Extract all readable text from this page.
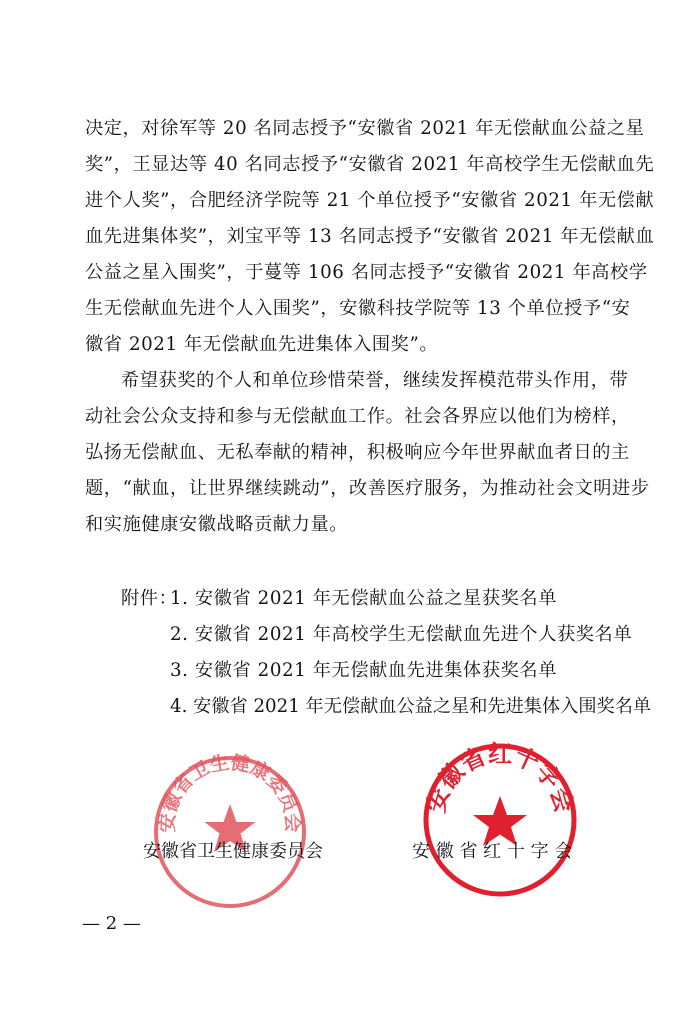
决定，对徐军等 20 名同志授予“安徽省 2021 年无偿献血公益之星
奖”，王显达等 40 名同志授予“安徽省 2021 年高校学生无偿献血先
进个人奖”，合肥经济学院等 21 个单位授予“安徽省 2021 年无偿献
血先进集体奖”，刘宝平等 13 名同志授予“安徽省 2021 年无偿献血
公益之星入围奖”，于蔓等 106 名同志授予“安徽省 2021 年高校学
生无偿献血先进个人入围奖”，安徽科技学院等 13 个单位授予“安
徽省 2021 年无偿献血先进集体入围奖”。
希望获奖的个人和单位珍惜荣誉，继续发挥模范带头作用，带
动社会公众支持和参与无偿献血工作。社会各界应以他们为榜样，
弘扬无偿献血、无私奉献的精神，积极响应今年世界献血者日的主
题，“献血，让世界继续跳动”，改善医疗服务，为推动社会文明进步
和实施健康安徽战略贡献力量。
附件：
1. 安徽省 2021 年无偿献血公益之星获奖名单
2. 安徽省 2021 年高校学生无偿献血先进个人获奖名单
3. 安徽省 2021 年无偿献血先进集体获奖名单
4. 安徽省 2021 年无偿献血公益之星和先进集体入围奖名单
安徽省卫生健康委员会
安徽省红十字会
安徽省卫生健康委员会	安 徽 省 红 十 字 会
— 2 —
